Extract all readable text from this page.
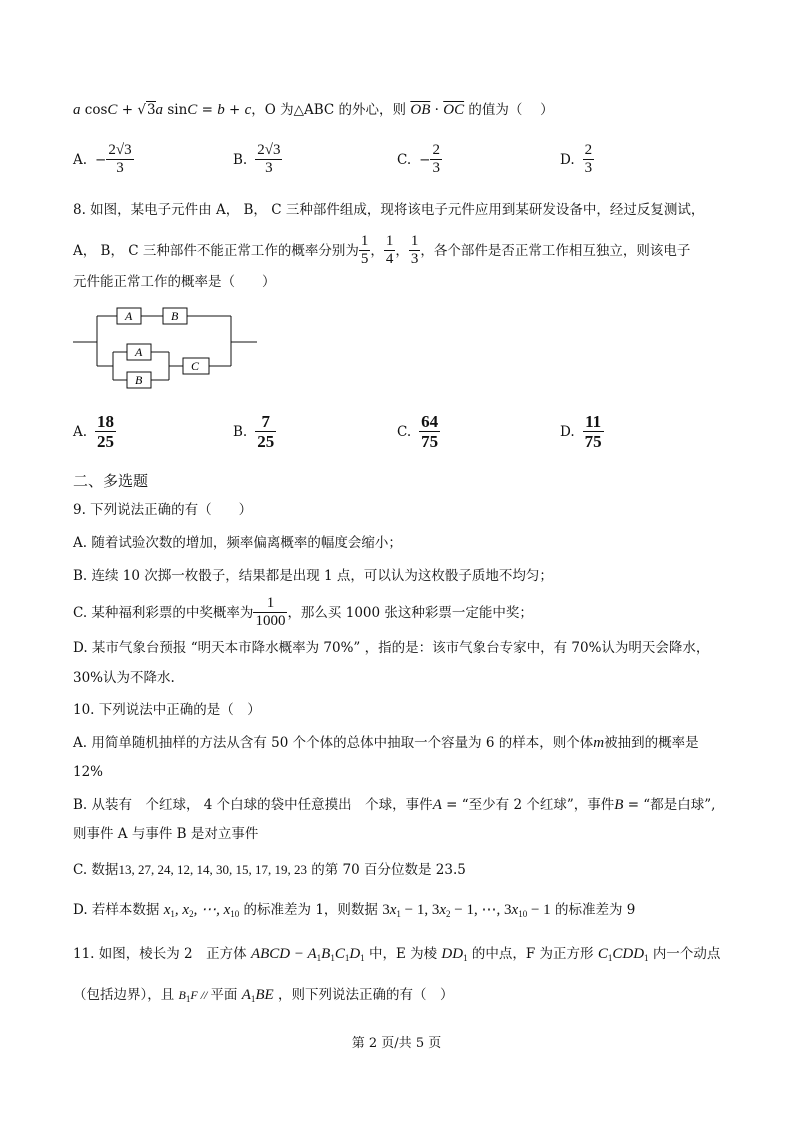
a cosC + √3a sinC = b + c，O 为△ABC 的外心，则 $\overline{OB} \cdot \overline{OC}$ 的值为（　 ）
A. − $\frac{2√3}{3}$	B. $\frac{2√3}{3}$	C. − $\frac{2}{3}$	D. $\frac{2}{3}$
8. 如图，某电子元件由 A， B， C 三种部件组成，现将该电子元件应用到某研发设备中，经过反复测试，
A， B， C 三种部件不能正常工作的概率分别为 $\frac{1}{5}$ ， $\frac{1}{4}$ ， $\frac{1}{3}$ ，各个部件是否正常工作相互独立，则该电子
元件能正常工作的概率是（　　）
A	B
A
B
C
A. $\frac{18}{25}$	B. $\frac{7}{25}$	C. $\frac{64}{75}$	D. $\frac{11}{75}$
二、多选题
9. 下列说法正确的有（　　）
A. 随着试验次数的增加，频率偏离概率的幅度会缩小；
B. 连续 10 次掷一枚骰子，结果都是出现 1 点，可以认为这枚骰子质地不均匀；
C. 某种福利彩票的中奖概率为 $\frac{1}{1000}$ ，那么买 1000 张这种彩票一定能中奖；
D. 某市气象台预报 “明天本市降水概率为 70%” ，指的是：该市气象台专家中，有 70%认为明天会降水，
30%认为不降水.
10. 下列说法中正确的是（　）
A. 用简单随机抽样的方法从含有 50 个个体的总体中抽取一个容量为 6 的样本，则个体m被抽到的概率是
12%
B. 从装有　个红球， 4 个白球的袋中任意摸出　个球，事件A = “至少有 2 个红球”，事件B = “都是白球”,
则事件 A 与事件 B 是对立事件
C. 数据13, 27, 24, 12, 14, 30, 15, 17, 19, 23 的第 70 百分位数是 23.5
D. 若样本数据 $x_1$, $x_2$, ⋯, $x_{10}$ 的标准差为 1，则数据 $3x_1 - 1$, $3x_2 - 1$, ⋯, $3x_{10} - 1$ 的标准差为 9
11. 如图，棱长为 2　正方体 ABCD − $A_1B_1C_1D_1$ 中，E 为棱 $DD_1$ 的中点，F 为正方形 $C_1CDD_1$ 内一个动点
（包括边界），且 $B_1F$ // 平面 $A_1BE$ ，则下列说法正确的有（　）
第 2 页/共 5 页
